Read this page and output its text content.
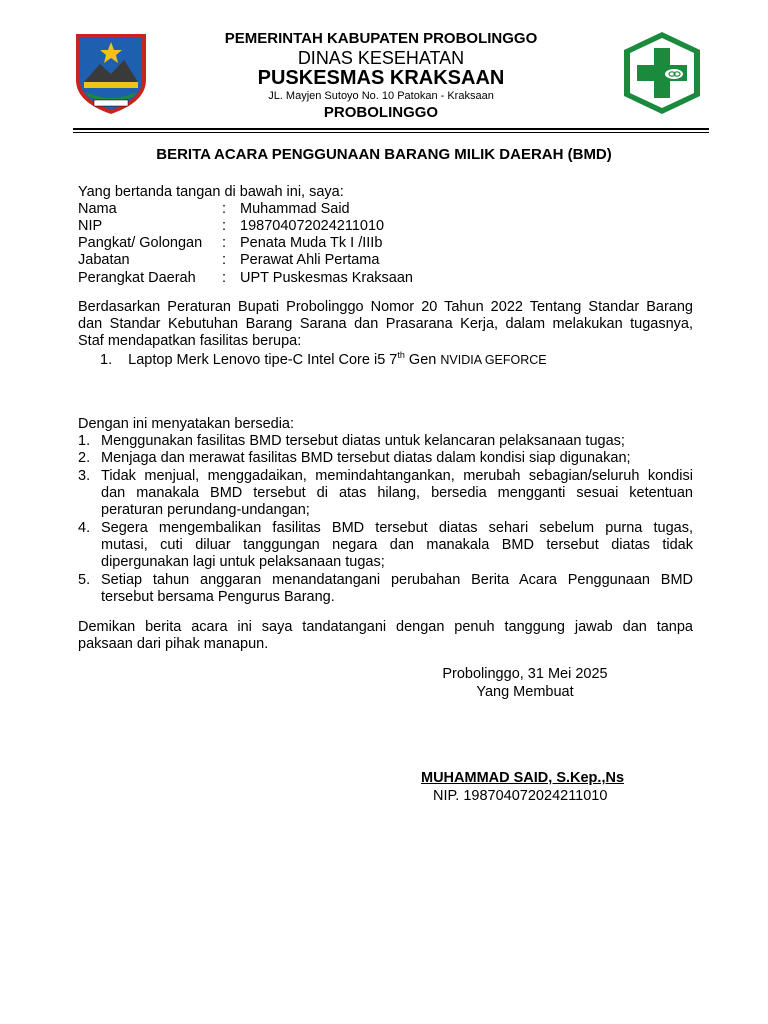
PEMERINTAH KABUPATEN PROBOLINGGO
DINAS KESEHATAN
PUSKESMAS KRAKSAAN
JL. Mayjen Sutoyo No. 10 Patokan - Kraksaan
PROBOLINGGO
BERITA ACARA PENGGUNAAN BARANG MILIK DAERAH (BMD)
Yang bertanda tangan di bawah ini, saya:
Nama	: Muhammad Said
NIP	: 198704072024211010
Pangkat/ Golongan : Penata Muda Tk I /IIIb
Jabatan	: Perawat Ahli Pertama
Perangkat Daerah : UPT Puskesmas Kraksaan
Berdasarkan Peraturan Bupati Probolinggo Nomor 20 Tahun 2022 Tentang Standar Barang
dan Standar Kebutuhan Barang Sarana dan Prasarana Kerja, dalam melakukan tugasnya,
Staf mendapatkan fasilitas berupa:
1. Laptop Merk Lenovo tipe-C Intel Core i5 7th Gen NVIDIA GEFORCE
Dengan ini menyatakan bersedia:
1. Menggunakan fasilitas BMD tersebut diatas untuk kelancaran pelaksanaan tugas;
2. Menjaga dan merawat fasilitas BMD tersebut diatas dalam kondisi siap digunakan;
3. Tidak menjual, menggadaikan, memindahtangankan, merubah sebagian/seluruh kondisi
dan manakala BMD tersebut di atas hilang, bersedia mengganti sesuai ketentuan
peraturan perundang-undangan;
4. Segera mengembalikan fasilitas BMD tersebut diatas sehari sebelum purna tugas,
mutasi, cuti diluar tanggungan negara dan manakala BMD tersebut diatas tidak
dipergunakan lagi untuk pelaksanaan tugas;
5. Setiap tahun anggaran menandatangani perubahan Berita Acara Penggunaan BMD
tersebut bersama Pengurus Barang.
Demikan berita acara ini saya tandatangani dengan penuh tanggung jawab dan tanpa
paksaan dari pihak manapun.
Probolinggo, 31 Mei 2025
Yang Membuat
MUHAMMAD SAID, S.Kep.,Ns
NIP. 198704072024211010
